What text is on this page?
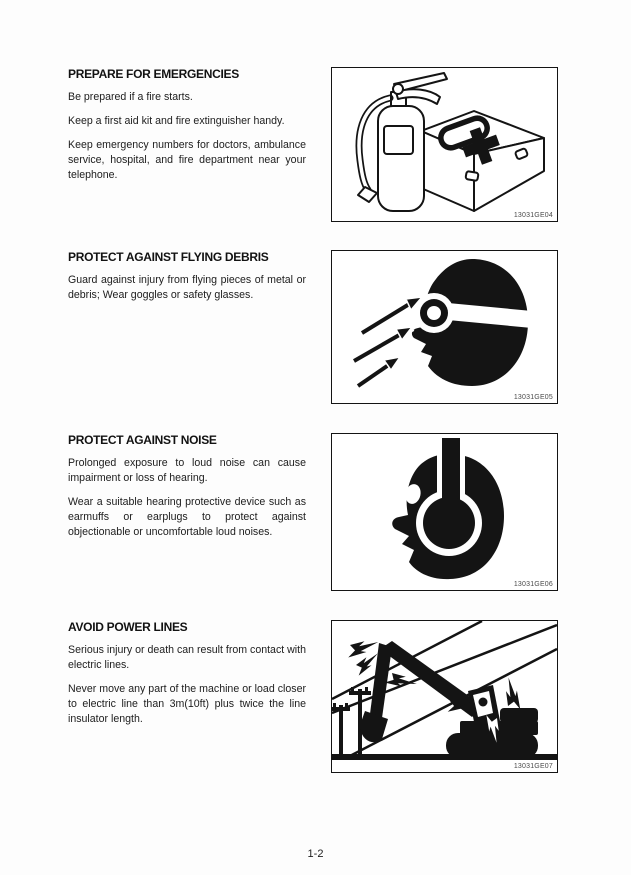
PREPARE FOR EMERGENCIES

Be prepared if a fire starts.

Keep a first aid kit and fire extinguisher handy.

Keep emergency numbers for doctors, ambulance service, hospital, and fire department near your telephone.

13031GE04
PROTECT AGAINST FLYING DEBRIS

Guard against injury from flying pieces of metal or debris; Wear goggles or safety glasses.

13031GE05
PROTECT AGAINST NOISE

Prolonged exposure to loud noise can cause impairment or loss of hearing.

Wear a suitable hearing protective device such as earmuffs or earplugs to protect against objectionable or uncomfortable loud noises.

13031GE06
AVOID POWER LINES

Serious injury or death can result from contact with electric lines.

Never move any part of the machine or load closer to electric line than 3m(10ft) plus twice the line insulator length.

13031GE07
1-2
